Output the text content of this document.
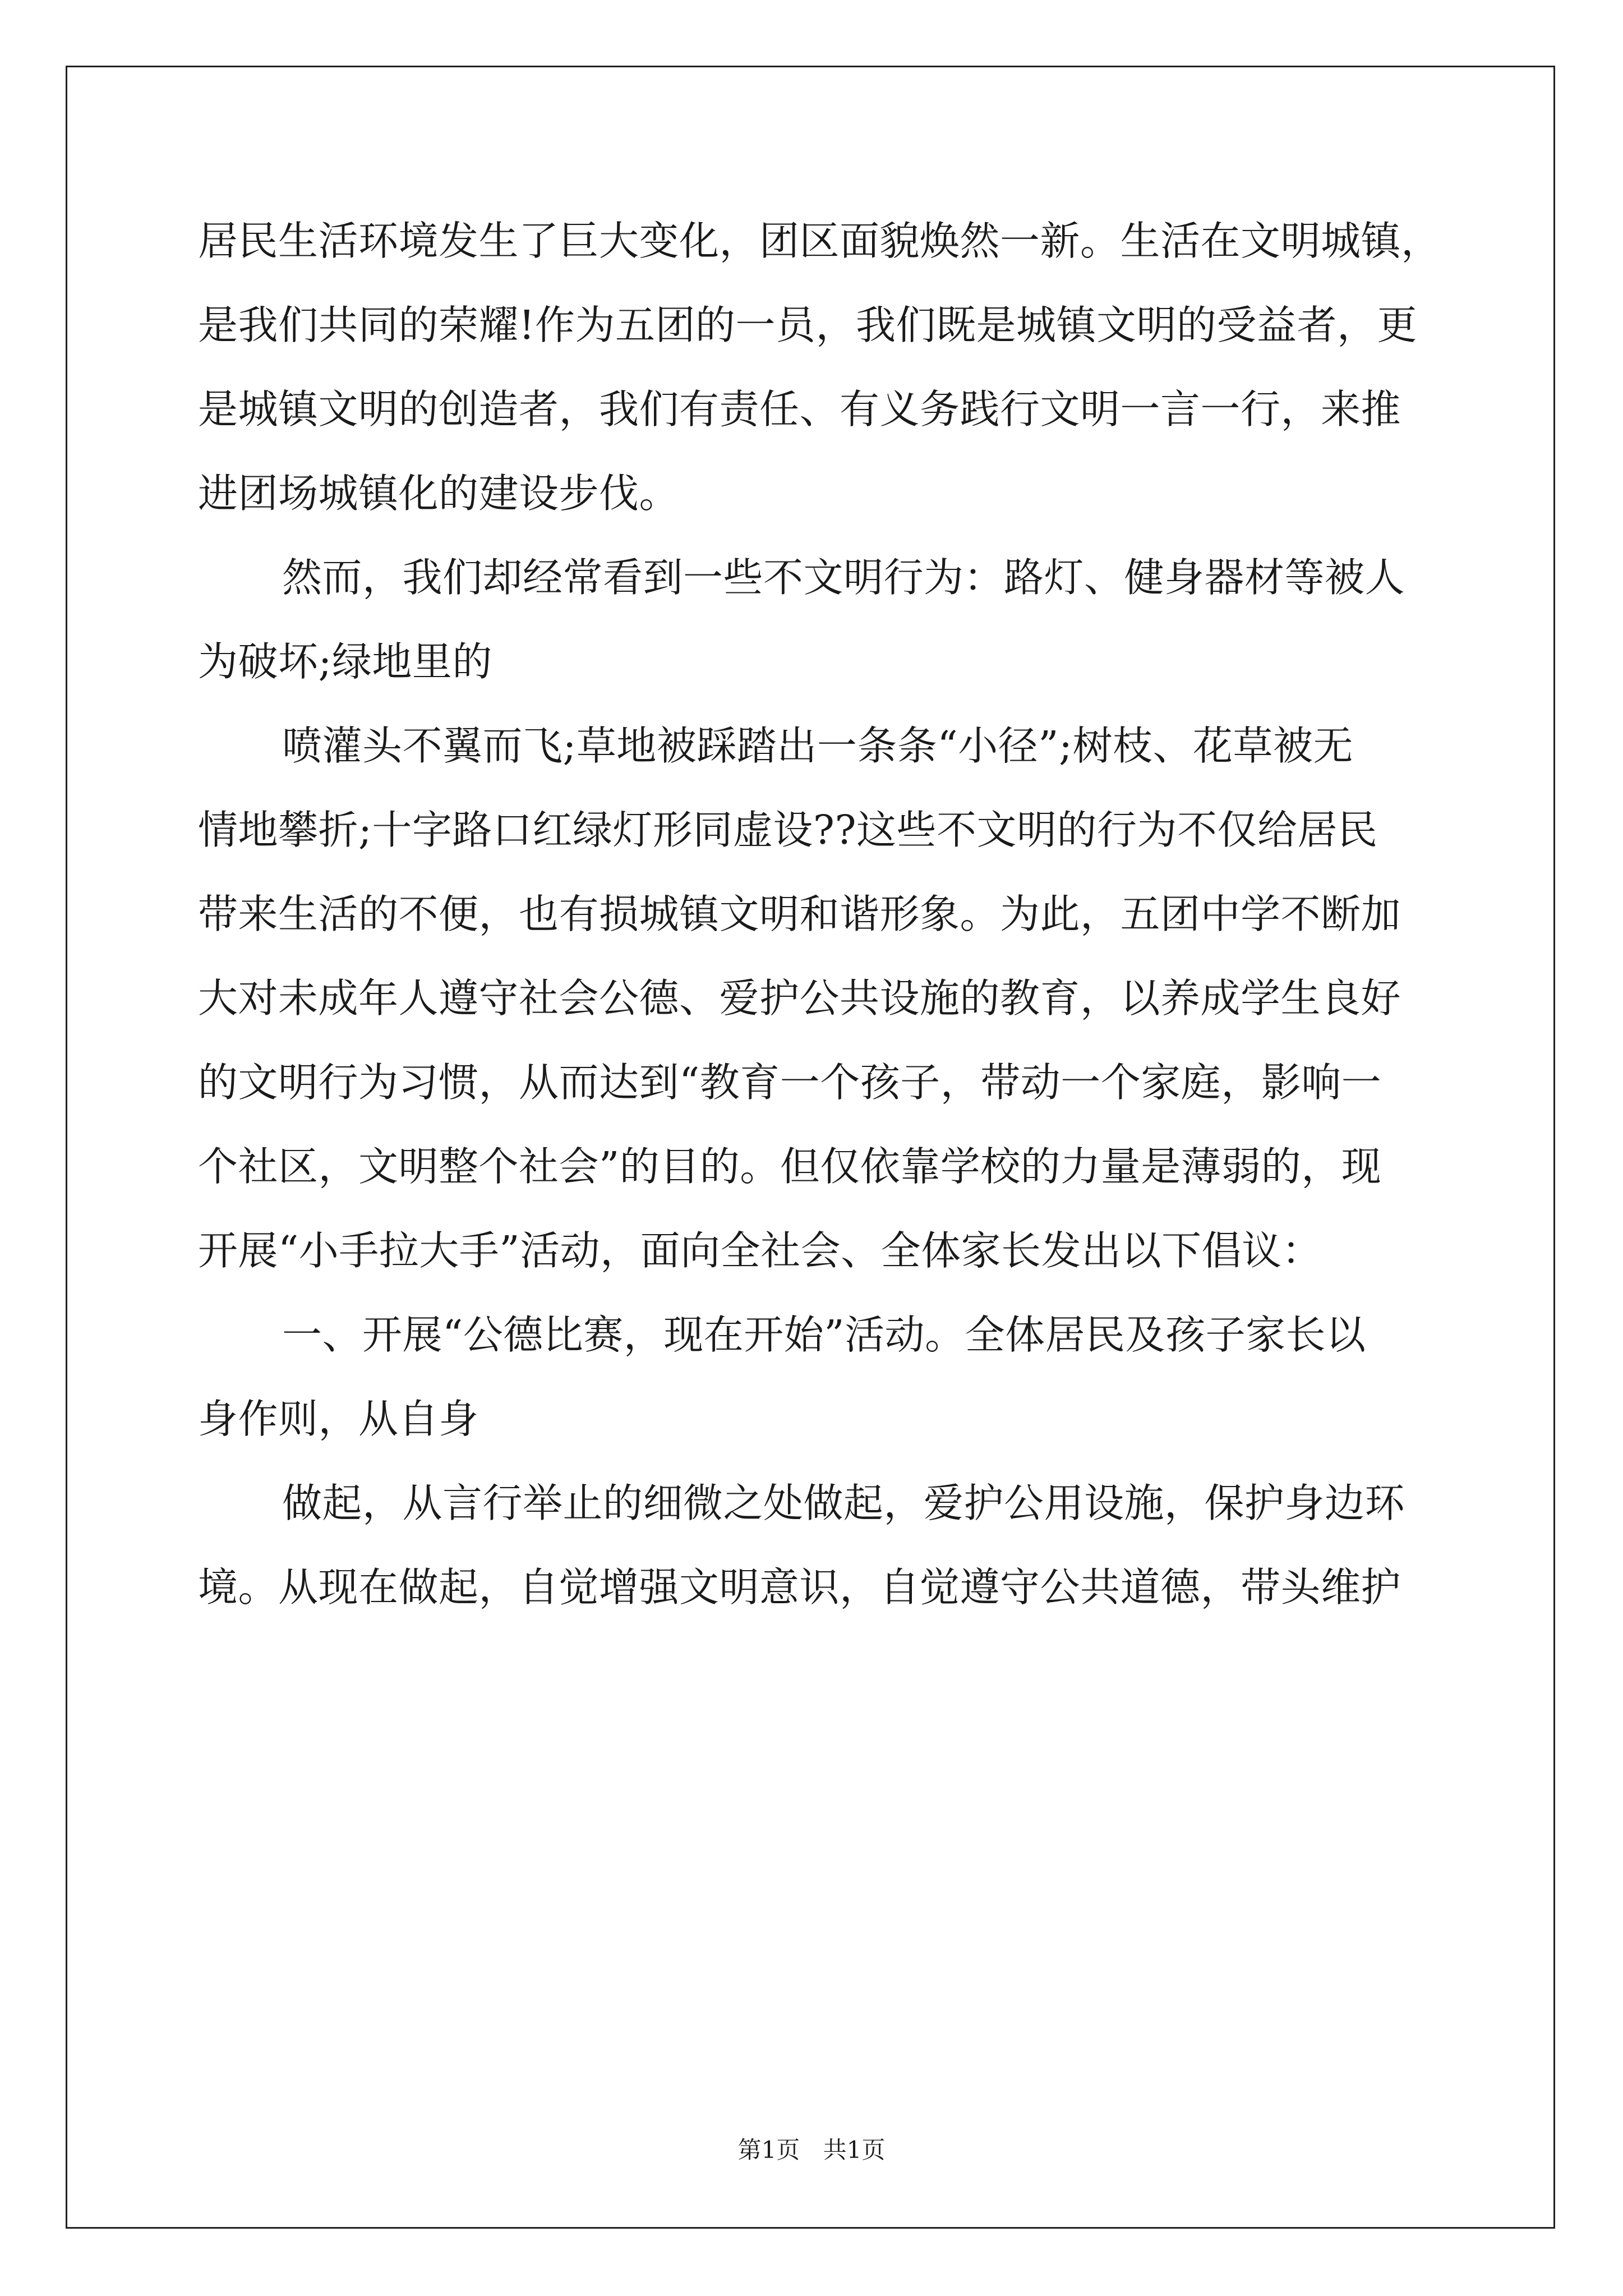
居民生活环境发生了巨大变化，团区面貌焕然一新。生活在文明城镇，
是我们共同的荣耀!作为五团的一员，我们既是城镇文明的受益者，更
是城镇文明的创造者，我们有责任、有义务践行文明一言一行，来推
进团场城镇化的建设步伐。
然而，我们却经常看到一些不文明行为：路灯、健身器材等被人
为破坏;绿地里的
喷灌头不翼而飞;草地被踩踏出一条条“小径”;树枝、花草被无
情地攀折;十字路口红绿灯形同虚设??这些不文明的行为不仅给居民
带来生活的不便，也有损城镇文明和谐形象。为此，五团中学不断加
大对未成年人遵守社会公德、爱护公共设施的教育，以养成学生良好
的文明行为习惯，从而达到“教育一个孩子，带动一个家庭，影响一
个社区，文明整个社会”的目的。但仅依靠学校的力量是薄弱的，现
开展“小手拉大手”活动，面向全社会、全体家长发出以下倡议：
一、开展“公德比赛，现在开始”活动。全体居民及孩子家长以
身作则，从自身
做起，从言行举止的细微之处做起，爱护公用设施，保护身边环
境。从现在做起，自觉增强文明意识，自觉遵守公共道德，带头维护
第1页 共1页
